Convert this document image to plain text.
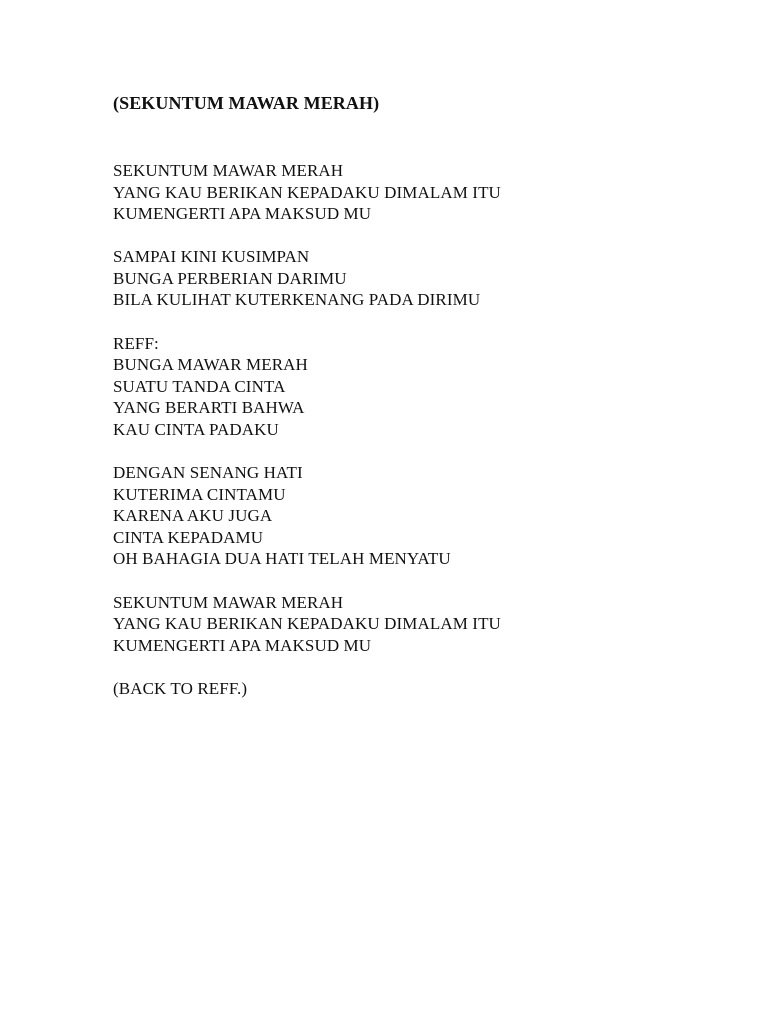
(SEKUNTUM MAWAR MERAH)
SEKUNTUM MAWAR MERAH
YANG KAU BERIKAN KEPADAKU DIMALAM ITU
KUMENGERTI APA MAKSUD MU
SAMPAI KINI KUSIMPAN
BUNGA PERBERIAN DARIMU
BILA KULIHAT KUTERKENANG PADA DIRIMU
REFF:
BUNGA MAWAR MERAH
SUATU TANDA CINTA
YANG BERARTI BAHWA
KAU CINTA PADAKU
DENGAN SENANG HATI
KUTERIMA CINTAMU
KARENA AKU JUGA
CINTA KEPADAMU
OH BAHAGIA DUA HATI TELAH MENYATU
SEKUNTUM MAWAR MERAH
YANG KAU BERIKAN KEPADAKU DIMALAM ITU
KUMENGERTI APA MAKSUD MU
(BACK TO REFF.)
